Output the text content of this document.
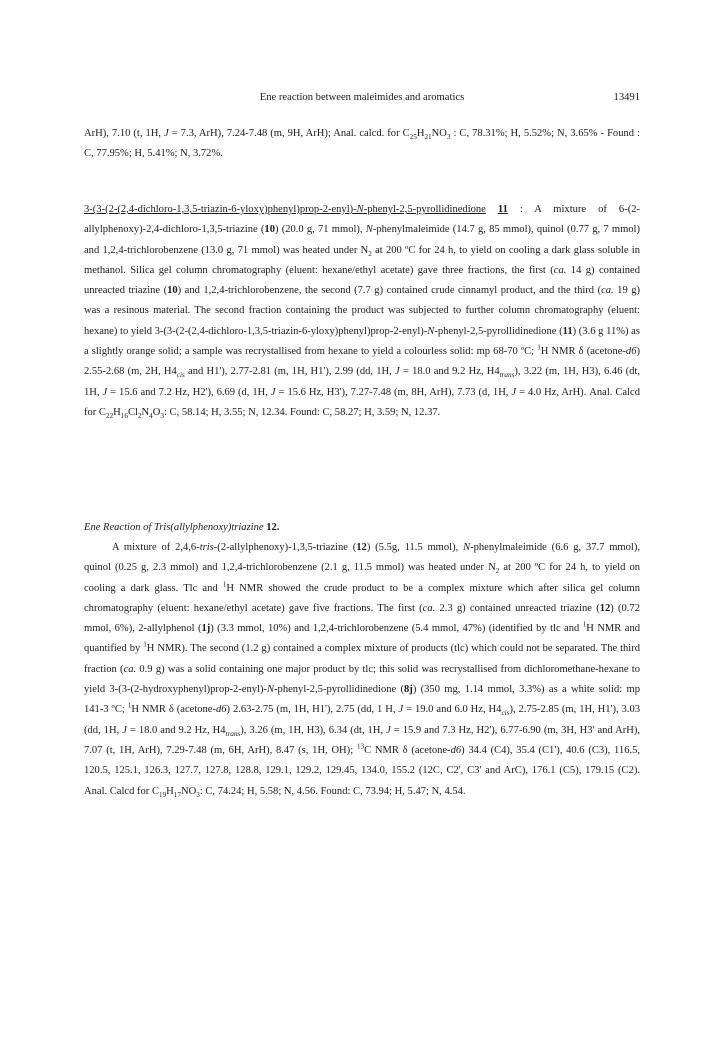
Ene reaction between maleimides and aromatics	13491

ArH), 7.10 (t, 1H, J = 7.3, ArH), 7.24-7.48 (m, 9H, ArH); Anal. calcd. for $C_{25}H_{21}NO_3$ : C, 78.31%; H, 5.52%; N, 3.65% - Found : C, 77.95%; H, 5.41%; N, 3.72%.

3-(3-(2-(2,4-dichloro-1,3,5-triazin-6-yloxy)phenyl)prop-2-enyl)-N-phenyl-2,5-pyrollidinedione 11 : A mixture of 6-(2-allylphenoxy)-2,4-dichloro-1,3,5-triazine (10) (20.0 g, 71 mmol), N-phenylmaleimide (14.7 g, 85 mmol), quinol (0.77 g, 7 mmol) and 1,2,4-trichlorobenzene (13.0 g, 71 mmol) was heated under $N_2$ at 200 ºC for 24 h, to yield on cooling a dark glass soluble in methanol. Silica gel column chromatography (eluent: hexane/ethyl acetate) gave three fractions, the first (ca. 14 g) contained unreacted triazine (10) and 1,2,4-trichlorobenzene, the second (7.7 g) contained crude cinnamyl product, and the third (ca. 19 g) was a resinous material. The second fraction containing the product was subjected to further column chromatography (eluent: hexane) to yield 3-(3-(2-(2,4-dichloro-1,3,5-triazin-6-yloxy)phenyl)prop-2-enyl)-N-phenyl-2,5-pyrollidinedione (11) (3.6 g 11%) as a slightly orange solid; a sample was recrystallised from hexane to yield a colourless solid: mp 68-70 ºC; $^1$H NMR δ (acetone-d6) 2.55-2.68 (m, 2H, $H4_{cis}$ and H1'), 2.77-2.81 (m, 1H, H1'), 2.99 (dd, 1H, J = 18.0 and 9.2 Hz, $H4_{trans}$), 3.22 (m, 1H, H3), 6.46 (dt, 1H, J = 15.6 and 7.2 Hz, H2'), 6.69 (d, 1H, J = 15.6 Hz, H3'), 7.27-7.48 (m, 8H, ArH), 7.73 (d, 1H, J = 4.0 Hz, ArH). Anal. Calcd for $C_{22}H_{16}Cl_2N_4O_3$: C, 58.14; H, 3.55; N, 12.34. Found: C, 58.27; H, 3.59; N, 12.37.

Ene Reaction of Tris(allylphenoxy)triazine 12.

A mixture of 2,4,6-tris-(2-allylphenoxy)-1,3,5-triazine (12) (5.5g, 11.5 mmol), N-phenylmaleimide (6.6 g, 37.7 mmol), quinol (0.25 g, 2.3 mmol) and 1,2,4-trichlorobenzene (2.1 g, 11.5 mmol) was heated under $N_2$ at 200 ºC for 24 h, to yield on cooling a dark glass. Tlc and $^1$H NMR showed the crude product to be a complex mixture which after silica gel column chromatography (eluent: hexane/ethyl acetate) gave five fractions. The first (ca. 2.3 g) contained unreacted triazine (12) (0.72 mmol, 6%), 2-allylphenol (1j) (3.3 mmol, 10%) and 1,2,4-trichlorobenzene (5.4 mmol, 47%) (identified by tlc and $^1$H NMR and quantified by $^1$H NMR). The second (1.2 g) contained a complex mixture of products (tlc) which could not be separated. The third fraction (ca. 0.9 g) was a solid containing one major product by tlc; this solid was recrystallised from dichloromethane-hexane to yield 3-(3-(2-hydroxyphenyl)prop-2-enyl)-N-phenyl-2,5-pyrollidinedione (8j) (350 mg, 1.14 mmol, 3.3%) as a white solid: mp 141-3 ºC; $^1$H NMR δ (acetone-d6) 2.63-2.75 (m, 1H, H1'), 2.75 (dd, 1 H, J = 19.0 and 6.0 Hz, $H4_{cis}$), 2.75-2.85 (m, 1H, H1'), 3.03 (dd, 1H, J = 18.0 and 9.2 Hz, $H4_{trans}$), 3.26 (m, 1H, H3), 6.34 (dt, 1H, J = 15.9 and 7.3 Hz, H2'), 6.77-6.90 (m, 3H, H3' and ArH), 7.07 (t, 1H, ArH), 7.29-7.48 (m, 6H, ArH), 8.47 (s, 1H, OH); $^{13}$C NMR δ (acetone-d6) 34.4 (C4), 35.4 (C1'), 40.6 (C3), 116.5, 120.5, 125.1, 126.3, 127.7, 127.8, 128.8, 129.1, 129.2, 129.45, 134.0, 155.2 (12C, C2', C3' and ArC), 176.1 (C5), 179.15 (C2). Anal. Calcd for $C_{19}H_{17}NO_3$: C, 74.24; H, 5.58; N, 4.56. Found: C, 73.94; H, 5.47; N, 4.54.
